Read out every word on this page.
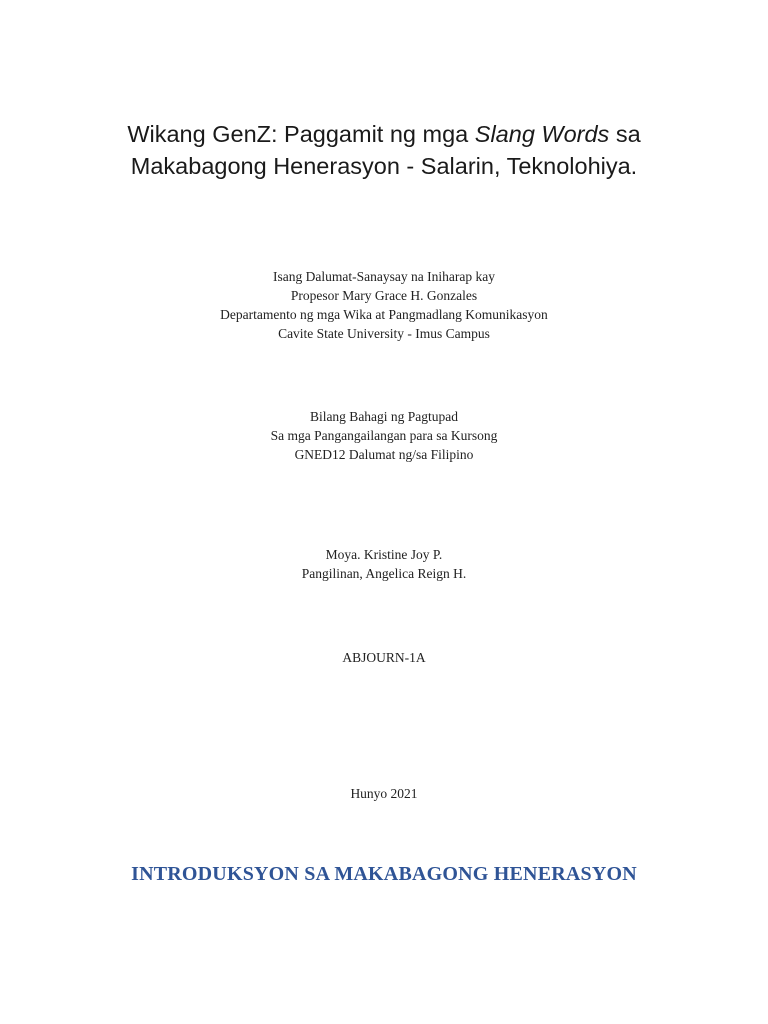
Wikang GenZ: Paggamit ng mga Slang Words sa
Makabagong Henerasyon - Salarin, Teknolohiya.
Isang Dalumat-Sanaysay na Iniharap kay
Propesor Mary Grace H. Gonzales
Departamento ng mga Wika at Pangmadlang Komunikasyon
Cavite State University - Imus Campus
Bilang Bahagi ng Pagtupad
Sa mga Pangangailangan para sa Kursong
GNED12 Dalumat ng/sa Filipino
Moya. Kristine Joy P.
Pangilinan, Angelica Reign H.
ABJOURN-1A
Hunyo 2021
INTRODUKSYON SA MAKABAGONG HENERASYON
